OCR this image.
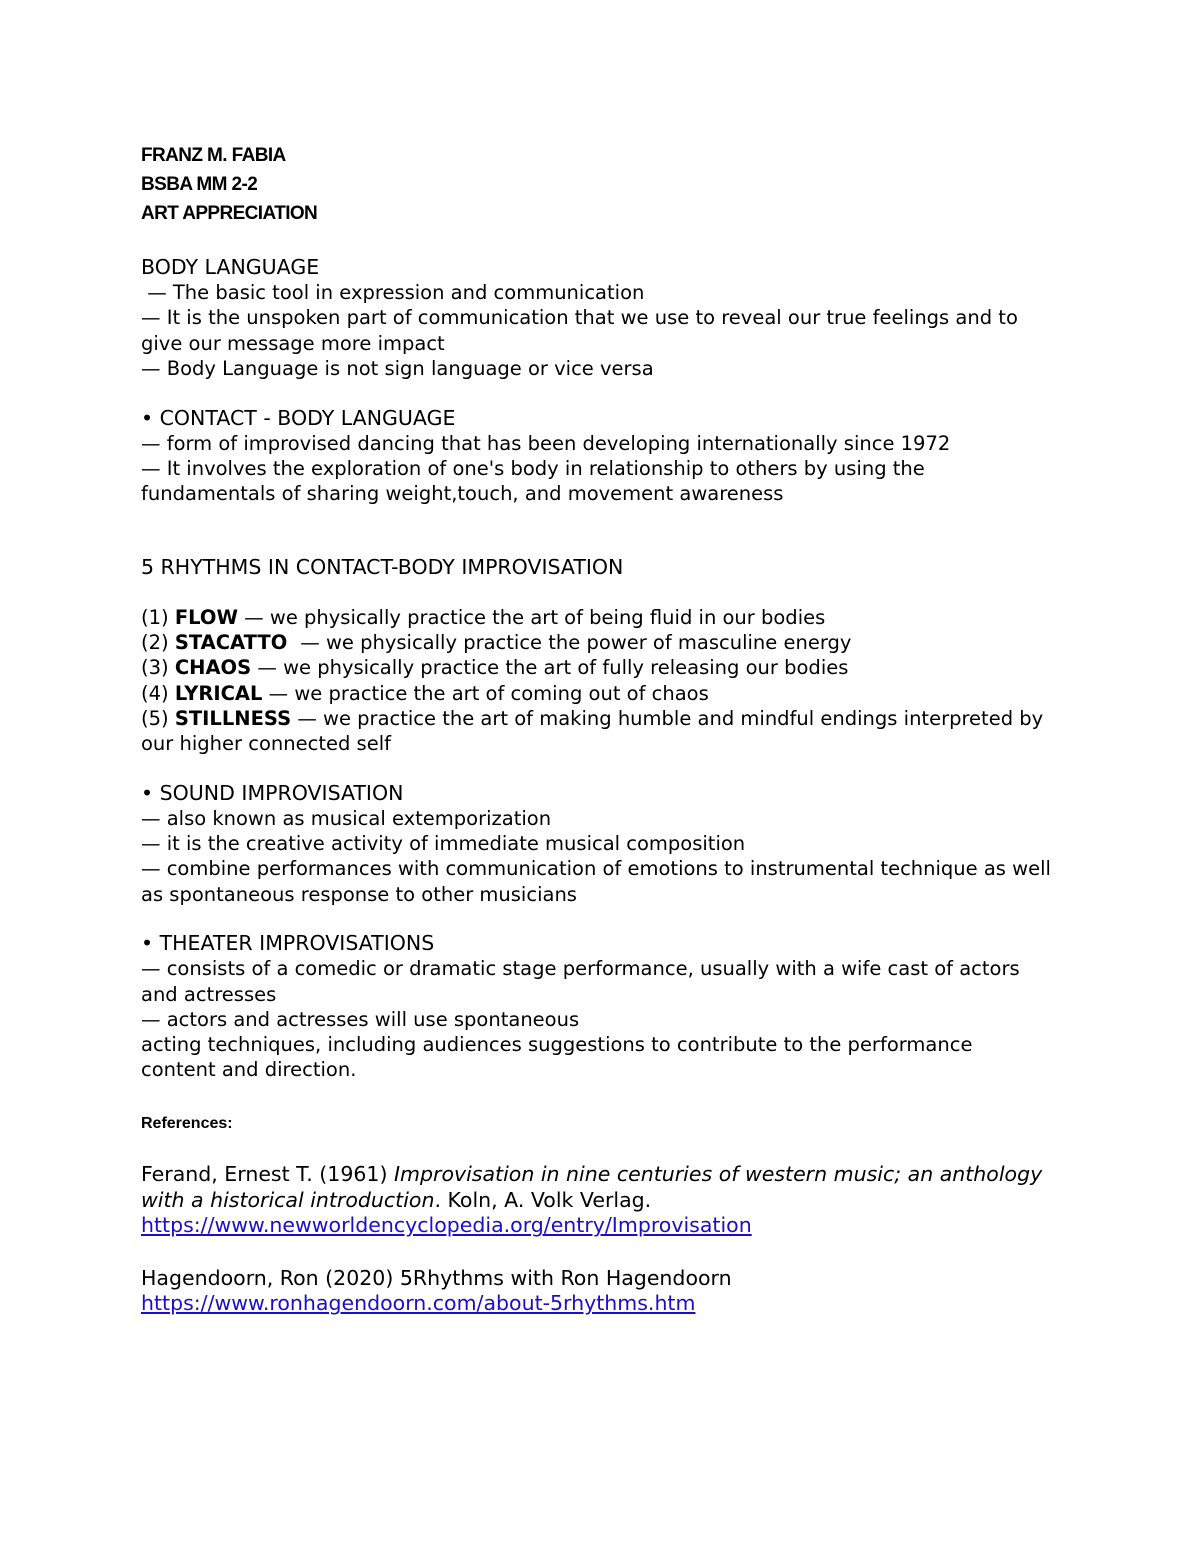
FRANZ M. FABIA
BSBA MM 2-2
ART APPRECIATION

BODY LANGUAGE

— The basic tool in expression and communication

— It is the unspoken part of communication that we use to reveal our true feelings and to give our message more impact

— Body Language is not sign language or vice versa

• CONTACT - BODY LANGUAGE

— form of improvised dancing that has been developing internationally since 1972

— It involves the exploration of one's body in relationship to others by using the fundamentals of sharing weight,touch, and movement awareness

5 RHYTHMS IN CONTACT-BODY IMPROVISATION

(1) FLOW — we physically practice the art of being fluid in our bodies

(2) STACATTO  — we physically practice the power of masculine energy

(3) CHAOS — we physically practice the art of fully releasing our bodies

(4) LYRICAL — we practice the art of coming out of chaos

(5) STILLNESS — we practice the art of making humble and mindful endings interpreted by our higher connected self

• SOUND IMPROVISATION

— also known as musical extemporization

— it is the creative activity of immediate musical composition

— combine performances with communication of emotions to instrumental technique as well as spontaneous response to other musicians

• THEATER IMPROVISATIONS

— consists of a comedic or dramatic stage performance, usually with a wife cast of actors and actresses

— actors and actresses will use spontaneous

acting techniques, including audiences suggestions to contribute to the performance content and direction.

References:

Ferand, Ernest T. (1961) Improvisation in nine centuries of western music; an anthology with a historical introduction. Koln, A. Volk Verlag.

https://www.newworldencyclopedia.org/entry/Improvisation

Hagendoorn, Ron (2020) 5Rhythms with Ron Hagendoorn

https://www.ronhagendoorn.com/about-5rhythms.htm
